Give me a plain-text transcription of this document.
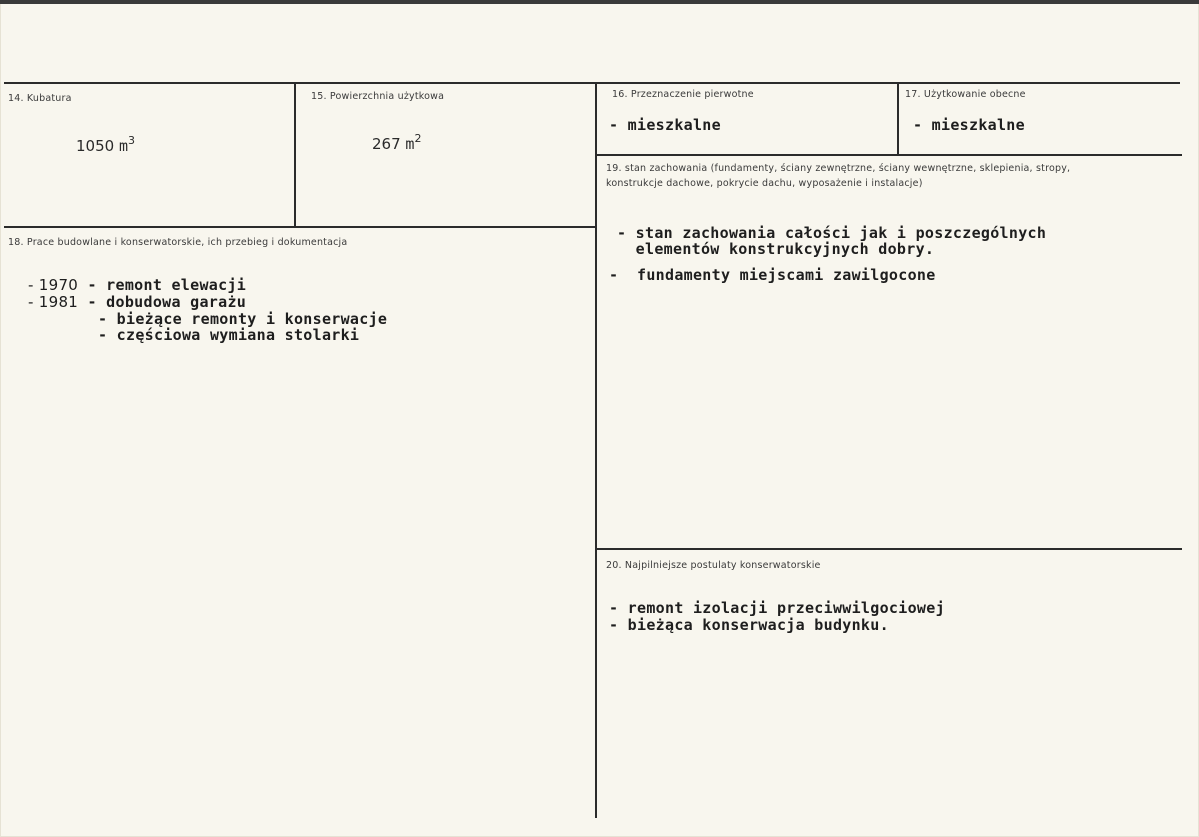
14. Kubatura
1050 $m^3$
15. Powierzchnia użytkowa
267 $m^2$
16. Przeznaczenie pierwotne
- mieszkalne
17. Użytkowanie obecne
- mieszkalne
18. Prace budowlane i konserwatorskie, ich przebieg i dokumentacja
- 1970 - remont elewacji
- 1981 - dobudowa garażu
- bieżące remonty i konserwacje
- częściowa wymiana stolarki
19. stan zachowania (fundamenty, ściany zewnętrzne, ściany wewnętrzne, sklepienia, stropy, konstrukcje dachowe, pokrycie dachu, wyposażenie i instalacje)
- stan zachowania całości jak i poszczególnych
elementów konstrukcyjnych dobry.
-  fundamenty miejscami zawilgocone
20. Najpilniejsze postulaty konserwatorskie
- remont izolacji przeciwwilgociowej
- bieżąca konserwacja budynku.
